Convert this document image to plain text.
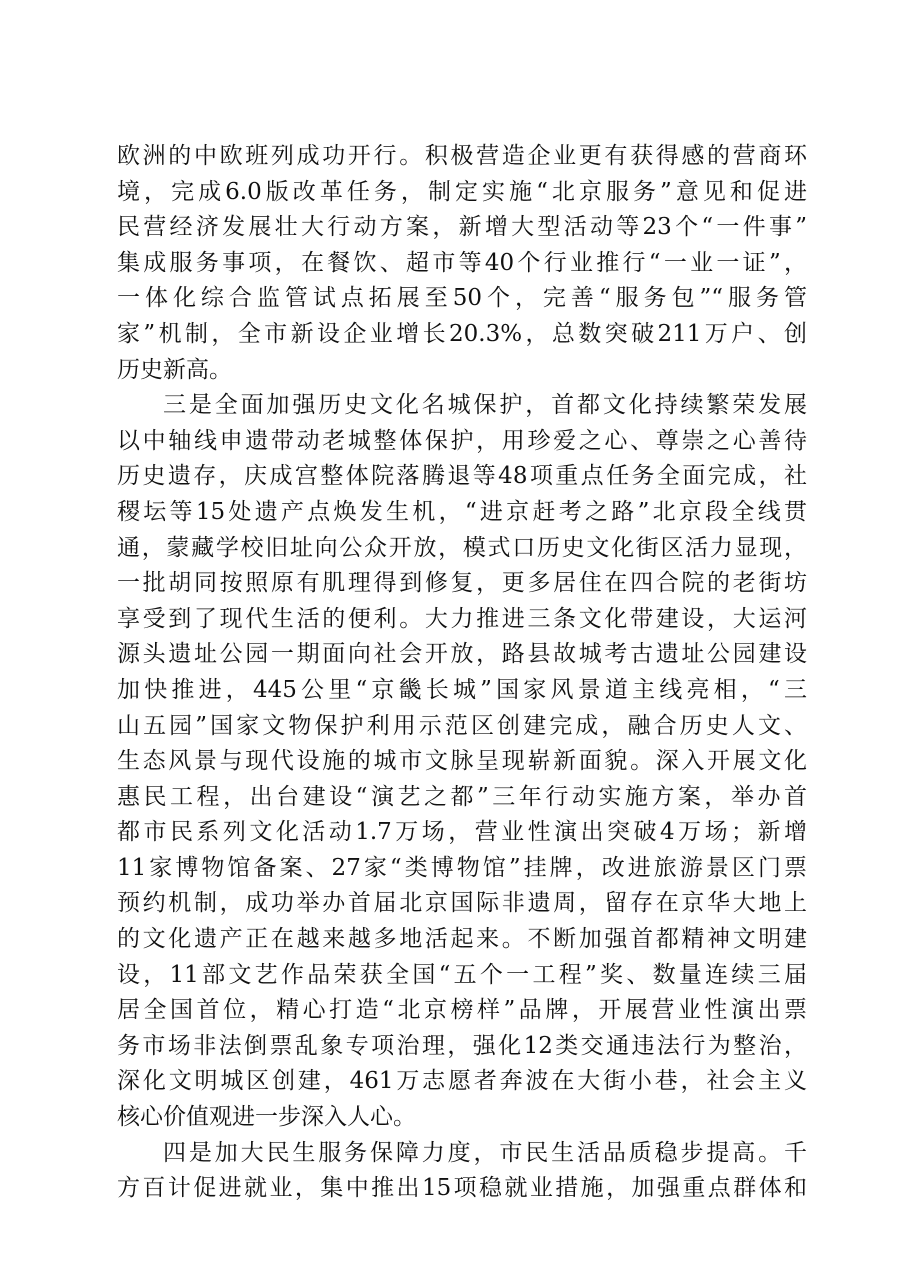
欧洲的中欧班列成功开行。积极营造企业更有获得感的营商环
境，完成6.0版改革任务，制定实施“北京服务”意见和促进
民营经济发展壮大行动方案，新增大型活动等23个“一件事”
集成服务事项，在餐饮、超市等40个行业推行“一业一证”，
一体化综合监管试点拓展至50个，完善“服务包”“服务管
家”机制，全市新设企业增长20.3%，总数突破211万户、创
历史新高。
三是全面加强历史文化名城保护，首都文化持续繁荣发展
以中轴线申遗带动老城整体保护，用珍爱之心、尊崇之心善待
历史遗存，庆成宫整体院落腾退等48项重点任务全面完成，社
稷坛等15处遗产点焕发生机，“进京赶考之路”北京段全线贯
通，蒙藏学校旧址向公众开放，模式口历史文化街区活力显现，
一批胡同按照原有肌理得到修复，更多居住在四合院的老街坊
享受到了现代生活的便利。大力推进三条文化带建设，大运河
源头遗址公园一期面向社会开放，路县故城考古遗址公园建设
加快推进，445公里“京畿长城”国家风景道主线亮相，“三
山五园”国家文物保护利用示范区创建完成，融合历史人文、
生态风景与现代设施的城市文脉呈现崭新面貌。深入开展文化
惠民工程，出台建设“演艺之都”三年行动实施方案，举办首
都市民系列文化活动1.7万场，营业性演出突破4万场；新增
11家博物馆备案、27家“类博物馆”挂牌，改进旅游景区门票
预约机制，成功举办首届北京国际非遗周，留存在京华大地上
的文化遗产正在越来越多地活起来。不断加强首都精神文明建
设，11部文艺作品荣获全国“五个一工程”奖、数量连续三届
居全国首位，精心打造“北京榜样”品牌，开展营业性演出票
务市场非法倒票乱象专项治理，强化12类交通违法行为整治，
深化文明城区创建，461万志愿者奔波在大街小巷，社会主义
核心价值观进一步深入人心。
四是加大民生服务保障力度，市民生活品质稳步提高。千
方百计促进就业，集中推出15项稳就业措施，加强重点群体和
